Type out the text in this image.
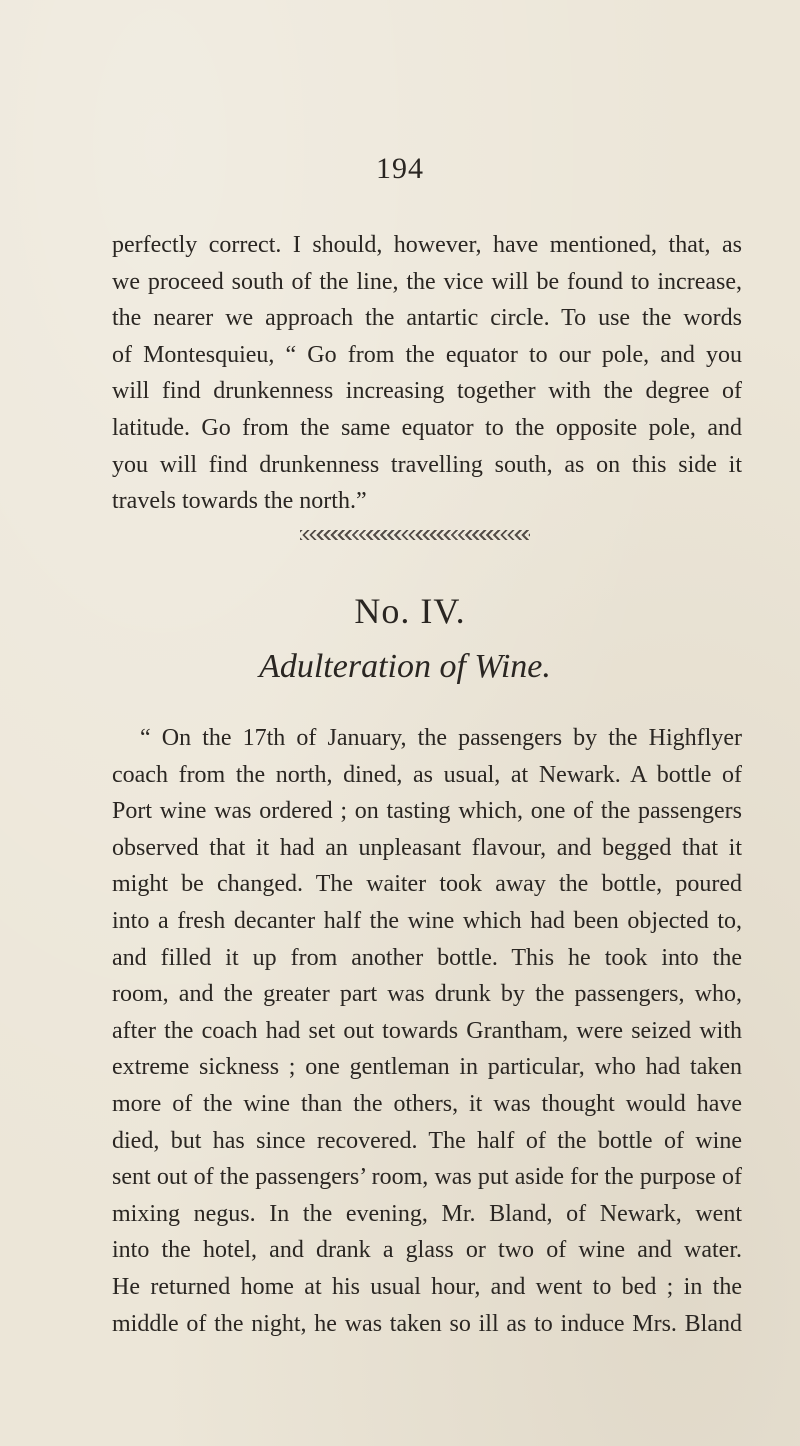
194

perfectly correct. I should, however, have mentioned, that, as
we proceed south of the line, the vice will be found to increase,
the nearer we approach the antartic circle. To use the words
of Montesquieu, “ Go from the equator to our pole, and you
will find drunkenness increasing together with the degree of
latitude. Go from the same equator to the opposite pole, and
you will find drunkenness travelling south, as on this side it
travels towards the north.”

No. IV.
Adulteration of Wine.

“ On the 17th of January, the passengers by the Highflyer
coach from the north, dined, as usual, at Newark. A bottle of
Port wine was ordered ; on tasting which, one of the passengers
observed that it had an unpleasant flavour, and begged that it
might be changed. The waiter took away the bottle, poured
into a fresh decanter half the wine which had been objected to,
and filled it up from another bottle. This he took into the
room, and the greater part was drunk by the passengers, who,
after the coach had set out towards Grantham, were seized with
extreme sickness ; one gentleman in particular, who had taken
more of the wine than the others, it was thought would have
died, but has since recovered. The half of the bottle of wine
sent out of the passengers’ room, was put aside for the purpose of
mixing negus. In the evening, Mr. Bland, of Newark, went
into the hotel, and drank a glass or two of wine and water.
He returned home at his usual hour, and went to bed ; in the
middle of the night, he was taken so ill as to induce Mrs. Bland
